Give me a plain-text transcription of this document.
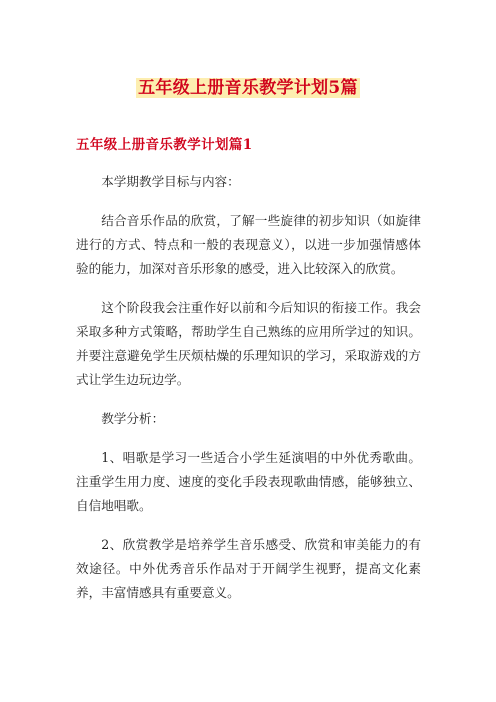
五年级上册音乐教学计划5篇
五年级上册音乐教学计划篇1

本学期教学目标与内容：

结合音乐作品的欣赏，了解一些旋律的初步知识（如旋律进行的方式、特点和一般的表现意义），以进一步加强情感体验的能力，加深对音乐形象的感受，进入比较深入的欣赏。

这个阶段我会注重作好以前和今后知识的衔接工作。我会采取多种方式策略，帮助学生自己熟练的应用所学过的知识。并要注意避免学生厌烦枯燥的乐理知识的学习，采取游戏的方式让学生边玩边学。

教学分析：

1、唱歌是学习一些适合小学生延演唱的中外优秀歌曲。注重学生用力度、速度的变化手段表现歌曲情感，能够独立、自信地唱歌。

2、欣赏教学是培养学生音乐感受、欣赏和审美能力的有效途径。中外优秀音乐作品对于开阔学生视野，提高文化素养，丰富情感具有重要意义。
